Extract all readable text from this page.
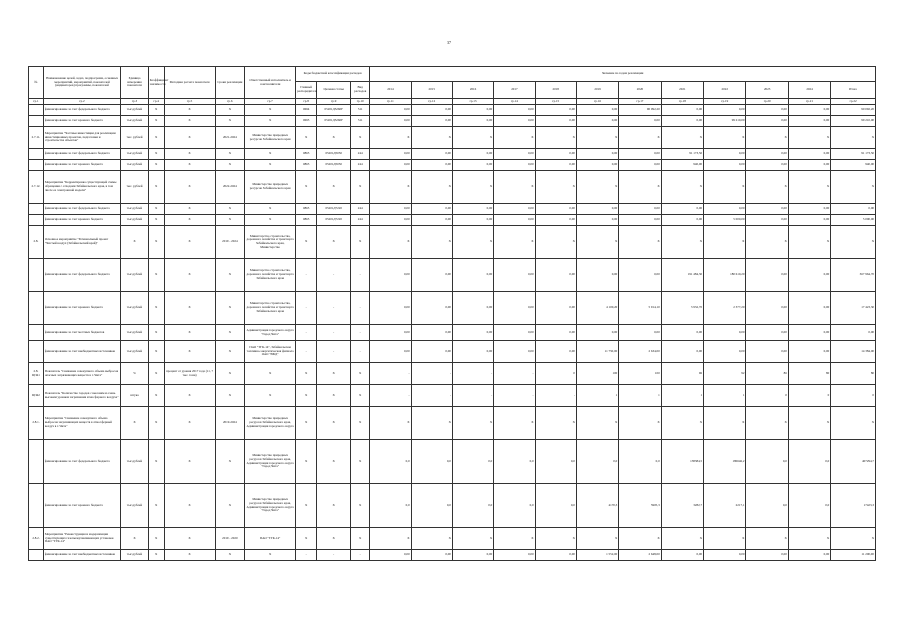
37
№	Наименование целей, задач, подпрограмм, основных мероприятий, мероприятий, показателей (индикаторов) программы, показателей	Единица измерения показателя	Коэффициент значимости	Методика расчета показателя	Сроки реализации	Ответственный исполнитель и соисполнители	Коды бюджетной классификации расходов			Значение по годам реализации											
							Главный распорядитель	Целевая статья	Вид расходов	2014	2015	2016	2017	2018	2019	2020	2021	2022	2023	2024	Итого
гр.1	гр.2	гр.3	гр.4	гр.5	гр.6	гр.7	гр.8	гр.9	гр.10	гр.11	гр.12	гр.13	гр.14	гр.15	гр.16	гр.17	гр.18	гр.19	гр.20	гр.21	гр.22
	финансирование за счет федерального бюджета	тыс.рублей	X	X	X	X	0694	05201Д5260F	511	0,00	0,00	0,00	0,00	0,00	0,00	90 092,20	0,00	0,00	0,00	0,00	90 092,20
	финансирование за счет краевого бюджета	тыс.рублей	X	X	X	X	0695	05201Д5260F	511	0,00	0,00	0,00	0,00	0,00	0,00	0,00	0,00	99 210,00	0,00	0,00	99 210,00
2.7.11.	Мероприятие "Частные инвестиции для реализации инвестиционных проектов, подготовки и строительства объектов"	тыс. рублей	X	X	2021-2024	Министерство природных ресурсов Забайкальского края	X	X	X	X	X	X	X	X	X	X	X	X	X	X	X
	финансирование за счет федерального бюджета	тыс.рублей	X	X	X	X	0865	05201Д5050	244	0,00	0,00	0,00	0,00	0,00	0,00	0,00	91 173,50	0,00	0,00	0,00	91 173,50
	финансирование за счет краевого бюджета	тыс.рублей	X	X	X	X	0865	05201Д5050	244	0,00	0,00	0,00	0,00	0,00	0,00	0,00	940,00	0,00	0,00	0,00	940,00
2.7.12.	Мероприятие "Корректировка существующей схемы обращения с отходами Забайкальского края, в том числе ее электронной модели"	тыс. рублей	X	X	2022-2024	Министерство природных ресурсов Забайкальского края	X	X	X	X	X	X	X	X	X	X	X	X	X	X	X
	финансирование за счет федерального бюджета	тыс.рублей	X	X	X	X	0865	05201Д7220	244	0,00	0,00	0,00	0,00	0,00	0,00	0,00	0,00	0,00	0,00	0,00	0,00
	финансирование за счет краевого бюджета	тыс.рублей	X	X	X	X	0865	05201Д7220	244	0,00	0,00	0,00	0,00	0,00	0,00	0,00	0,00	5 000,00	0,00	0,00	5 000,00
2.8.	Основное мероприятие "Региональный проект "Чистый воздух (Забайкальский край)"	X	X	X	2019 - 2024	Министерство строительства, дорожного хозяйства и транспорта Забайкальского края, Министерство	X	X	X	X	X	X	X	X	X	X	X	X	X	X	X
	финансирование за счет федерального бюджета	тыс.рублей	X	X	X	Министерство строительства, дорожного хозяйства и транспорта Забайкальского края	-	-	-	0,00	0,00	0,00	0,00	0,00	0,00	0,00	191 484,30	180 610,20	0,00	0,00	367 964,70
	финансирование за счет краевого бюджета	тыс.рублей	X	X	X	Министерство строительства, дорожного хозяйства и транспорта Забайкальского края	-	-	-	0,00	0,00	0,00	0,00	0,00	4 100,20	5 914,10	3 932,70	2 377,20	0,00	0,00	17 423,30
	финансирование за счет местных бюджетов	тыс.рублей	X	X	X	Администрация городского округа "Город Чита"	-	-	-	0,00	0,00	0,00	0,00	0,00	0,00	0,00	0,00	0,00	0,00	0,00	0,00
	финансирование за счет внебюджетных источников	тыс.рублей	X	X	X	ПАО "ТГК-14", Забайкальская топливно-энергетическая филиала ОАО "РЖД"	-	-	-	0,00	0,00	0,00	0,00	0,00	11 750,00	2 634,00	0,00	0,00	0,00	0,00	14 384,00
2.8. ЦП41	Показатель "Снижение совокупного объема выбросов опасных загрязняющих веществ в г. Чита"	%	X	процент от уровня 2017 года (11, 7 тыс. тонн)	X	X	X	X	X	-	-	-	-	0	100	100	96	92	86	80	80
ЦП42	Показатель "Количество городов с высоким и очень высоким уровнем загрязнения атмосферного воздуха"	штука	X	X	X	X	X	X	X	-	-	-	-	-	1	1	1	1	0	0	0
2.8.1.	Мероприятие "Снижение совокупного объема выбросов загрязняющих веществ в атмосферный воздух в г. Чите"	X	X	X	2019-2024	Министерство природных ресурсов Забайкальского края, Администрация городского округа	X	X	X	X	X	X	X	X	X	X	X	X	X	X	X
	финансирование за счет федерального бюджета	тыс.рублей	X	X	X	Министерство природных ресурсов Забайкальского края, Администрация городского округа "Город Чита"	X	X	X	0,0	0,0	0,0	0,0	0,0	0,0	0,0	138384,5	180646,2	0,0	0,0	407294,7
	финансирование за счет краевого бюджета	тыс.рублей	X	X	X	Министерство природных ресурсов Забайкальского края, Администрация городского округа "Город Чита"	X	X	X	0,0	0,0	0,0	0,0	0,0	4170,3	5905,3	3282,7	2217,1	0,0	0,0	17423,3
2.8.2.	Мероприятие "Реконструкция и модернизация существующих газопылеулавливающих установок ПАО "ТГК-14"	X	X	X	2019 - 2020	ПАО "ТГК-14"	X	X	X	X	X	X	X	X	X	X	X	X	X	X	X
	финансирование за счет внебюджетных источников	тыс.рублей	X	X	X	X	-	-	-	0,00	0,00	0,00	0,00	0,00	1 552,00	2 648,00	0,00	0,00	0,00	0,00	11 200,00
